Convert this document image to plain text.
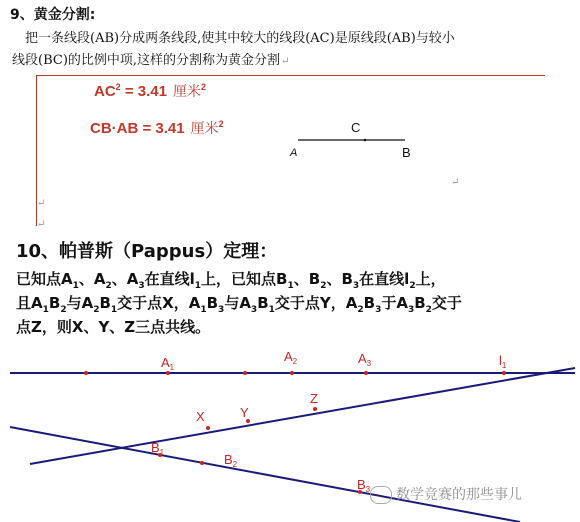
9、黄金分割:
　把一条线段(AB)分成两条线段,使其中较大的线段(AC)是原线段(AB)与较小
线段(BC)的比例中项,这样的分割称为黄金分割↵
$AC^2 = 3.41$ 厘米$^2$
CB·AB = 3.41 厘米$^2$
A	B
C
↵
↵
↵
10、帕普斯（Pappus）定理：
已知点$A_1$、$A_2$、$A_3$在直线$l_1$上，已知点$B_1$、$B_2$、$B_3$在直线$l_2$上，
且$A_1B_2$与$A_2B_1$交于点X，$A_1B_3$与$A_3B_1$交于点Y，$A_2B_3$于$A_3B_2$交于
点Z，则X、Y、Z三点共线。
$A_1$
$A_2$	$A_3$	$l_1$
X	Y
Z
$B_1$	$B_2$
$B_3$	数学竞赛的那些事儿
